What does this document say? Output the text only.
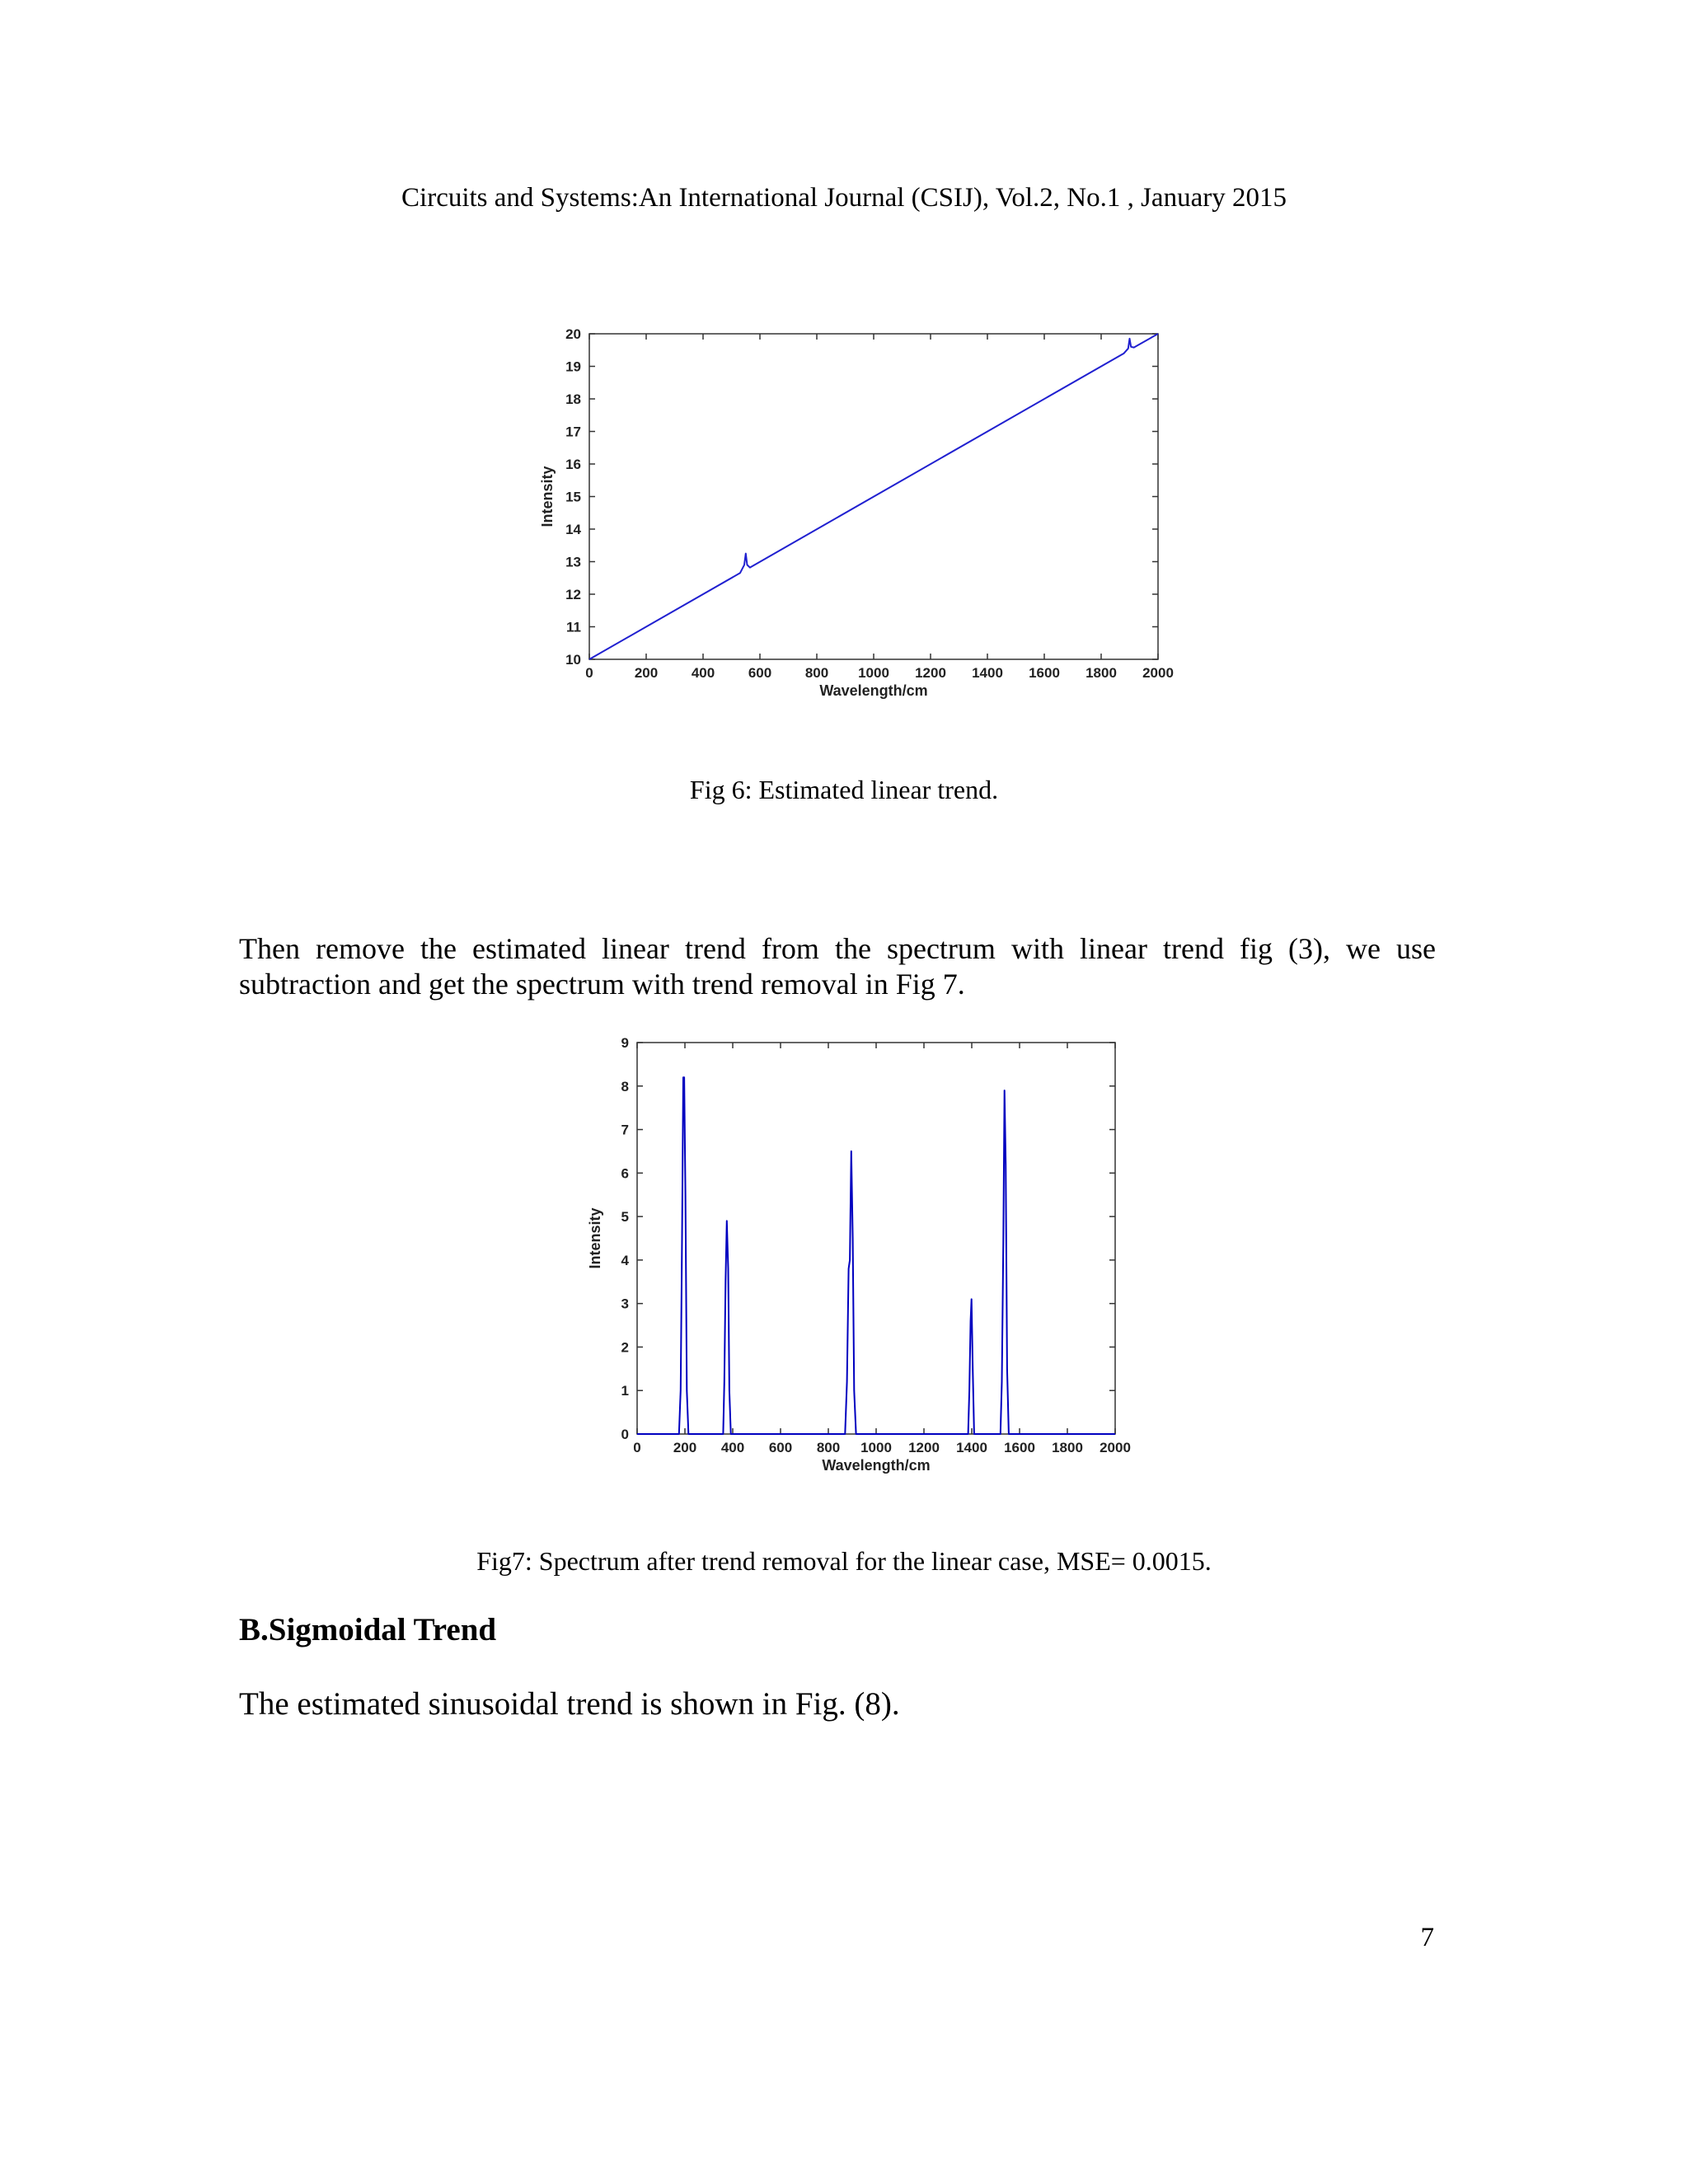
Circuits and Systems:An International Journal (CSIJ), Vol.2, No.1 , January 2015
0	200 400 600 800 1000 1200 1400 1600 1800 2000
10
11
12
13
14
15
16
17
18
19
20
Wavelength/cm
Intensity
Fig 6: Estimated linear trend.
Then remove the estimated linear trend from the spectrum with linear trend fig (3), we use subtraction and get the spectrum with trend removal in Fig 7.
0 200 400 600 800 1000 1200 1400 1600 1800 2000
0
1
2
3
4
5
6
7
8
9
Wavelength/cm
Intensity
Fig7: Spectrum after trend removal for the linear case, MSE= 0.0015.
B.Sigmoidal Trend
The estimated sinusoidal trend is shown in Fig. (8).
7
